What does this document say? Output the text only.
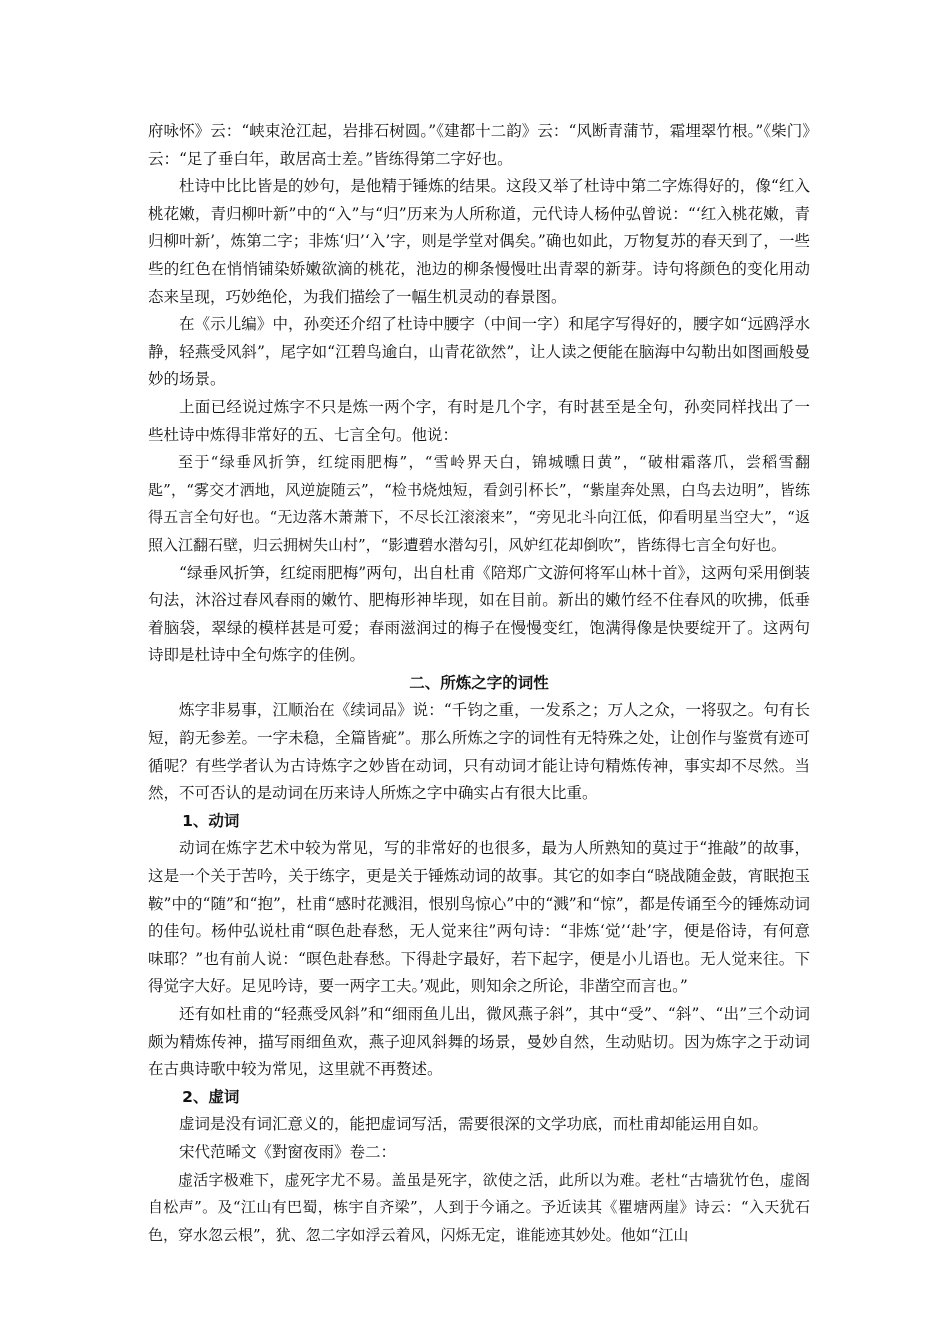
府咏怀》云：“峡束沧江起，岩排石树圆。”《建都十二韵》云：“风断青蒲节，霜埋翠竹根。”《柴门》云：“足了垂白年，敢居高士差。”皆练得第二字好也。

杜诗中比比皆是的妙句，是他精于锤炼的结果。这段又举了杜诗中第二字炼得好的，像“红入桃花嫩，青归柳叶新”中的“入”与“归”历来为人所称道，元代诗人杨仲弘曾说：“‘红入桃花嫩，青归柳叶新’，炼第二字；非炼‘归’‘入’字，则是学堂对偶矣。”确也如此，万物复苏的春天到了，一些些的红色在悄悄铺染娇嫩欲滴的桃花，池边的柳条慢慢吐出青翠的新芽。诗句将颜色的变化用动态来呈现，巧妙绝伦，为我们描绘了一幅生机灵动的春景图。

在《示儿编》中，孙奕还介绍了杜诗中腰字（中间一字）和尾字写得好的，腰字如“远鸥浮水静，轻燕受风斜”，尾字如“江碧鸟逾白，山青花欲然”，让人读之便能在脑海中勾勒出如图画般曼妙的场景。

上面已经说过炼字不只是炼一两个字，有时是几个字，有时甚至是全句，孙奕同样找出了一些杜诗中炼得非常好的五、七言全句。他说：

至于“绿垂风折笋，红绽雨肥梅”，“雪岭界天白，锦城曛日黄”，“破柑霜落爪，尝稻雪翻匙”，“雾交才洒地，风逆旋随云”，“检书烧烛短，看剑引杯长”，“紫崖奔处黑，白鸟去边明”，皆练得五言全句好也。“无边落木萧萧下，不尽长江滚滚来”，“旁见北斗向江低，仰看明星当空大”，“返照入江翻石壁，归云拥树失山村”，“影遭碧水潜勾引，风妒红花却倒吹”，皆练得七言全句好也。

“绿垂风折笋，红绽雨肥梅”两句，出自杜甫《陪郑广文游何将军山林十首》，这两句采用倒装句法，沐浴过春风春雨的嫩竹、肥梅形神毕现，如在目前。新出的嫩竹经不住春风的吹拂，低垂着脑袋，翠绿的模样甚是可爱；春雨滋润过的梅子在慢慢变红，饱满得像是快要绽开了。这两句诗即是杜诗中全句炼字的佳例。

二、所炼之字的词性

炼字非易事，江顺治在《续词品》说：“千钧之重，一发系之；万人之众，一将驭之。句有长短，韵无参差。一字未稳，全篇皆疵”。那么所炼之字的词性有无特殊之处，让创作与鉴赏有迹可循呢？有些学者认为古诗炼字之妙皆在动词，只有动词才能让诗句精炼传神，事实却不尽然。当然，不可否认的是动词在历来诗人所炼之字中确实占有很大比重。

1、动词

动词在炼字艺术中较为常见，写的非常好的也很多，最为人所熟知的莫过于“推敲”的故事，这是一个关于苦吟，关于练字，更是关于锤炼动词的故事。其它的如李白“晓战随金鼓，宵眠抱玉鞍”中的“随”和“抱”，杜甫“感时花溅泪，恨别鸟惊心”中的“溅”和“惊”，都是传诵至今的锤炼动词的佳句。杨仲弘说杜甫“暝色赴春愁，无人觉来往”两句诗：“非炼‘觉’‘赴’字，便是俗诗，有何意味耶？”也有前人说：“暝色赴春愁。下得赴字最好，若下起字，便是小儿语也。无人觉来往。下得觉字大好。足见吟诗，要一两字工夫。’观此，则知余之所论，非凿空而言也。”

还有如杜甫的“轻燕受风斜”和“细雨鱼儿出，微风燕子斜”，其中“受”、“斜”、“出”三个动词颇为精炼传神，描写雨细鱼欢，燕子迎风斜舞的场景，曼妙自然，生动贴切。因为炼字之于动词在古典诗歌中较为常见，这里就不再赘述。

2、虚词

虚词是没有词汇意义的，能把虚词写活，需要很深的文学功底，而杜甫却能运用自如。

宋代范晞文《對窗夜雨》卷二：

虚活字极难下，虚死字尤不易。盖虽是死字，欲使之活，此所以为难。老杜“古墙犹竹色，虚阁自松声”。及“江山有巴蜀，栋宇自齐梁”，人到于今诵之。予近读其《瞿塘两崖》诗云：“入天犹石色，穿水忽云根”，犹、忽二字如浮云着风，闪烁无定，谁能迹其妙处。他如“江山
